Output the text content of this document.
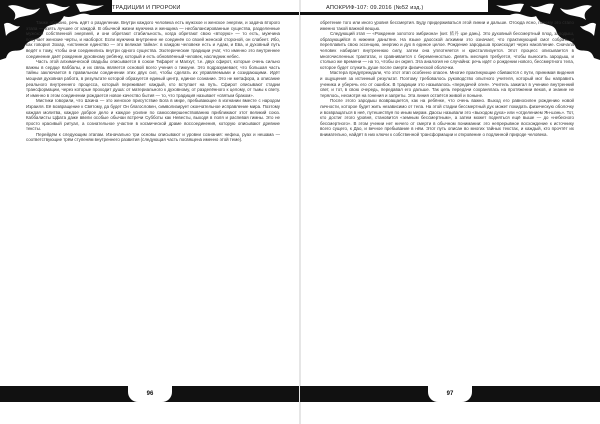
ТРАДИЦИИ И ПРОРОКИ

Также образно, речь идёт о разделении. Внутри каждого человека есть мужское и женское энергии, и задача второго этапа — взять лучшее от каждой. В обычной жизни мужчина и женщина — несбалансированные существа, разделенные мужской собственной энергией, и они обретают стабильность, когда обретают свою «вторую» — то есть, мужчина получает женские черты, и наоборот. Если мужчина внутренне не соединён со своей женской стороной, он слабеет. Ибо, как говорил Зохар, «истинное единство — это великая тайна»: в каждом человеке есть и Адам, и Ева, и духовный путь ведёт к тому, чтобы они соединились внутри одного существа. Эзотерические традиции учат, что именно это внутреннее соединение даёт рождение духовному ребёнку, который и есть обновлённый человек, наследник небес.

Часть этой алхимической свадьбы описывается в союзе Тифарет и Малхут, т.е. двух сфирот, которые очень сильно важны в сердце Каббалы, и их связь является основой всего учения о тиккуне. Это подразумевает, что большая часть тайны заключается в правильном соединении этих двух сил, чтобы сделать их управляемыми и созидающими. Идёт мощная духовная работа, в результате которой образуется единый центр, единое сознание. Это не метафора, а описание реального внутреннего процесса, который переживает каждый, кто вступает на путь. Сфирот описывают стадии трансформации, через которые проходит душа: от материального к духовному, от разделённого к целому, от тьмы к свету. И именно в этом соединении рождается новое качество бытия — то, что традиция называет «святым браком».

Мистики говорили, что Шхина — это женское присутствие Бога в мире, пребывающее в изгнании вместе с народом Израиля. Её возвращение к Святому, да будет Он благословен, символизирует окончательное исправление мира. Поэтому каждая молитва, каждое доброе дело и каждое усилие по самосовершенствованию приближают этот великий союз. Каббалисты Цфата даже ввели особые обычаи встречи Субботы как Невесты, выходя в поля и распевая гимны. Это не просто красивый ритуал, а сознательное участие в космической драме воссоединения, которую описывают древние тексты.

Перейдём к следующим этапам. Изначально три основы описывают и уровни сознания: нефеш, руах и нешама — соответствующие трём ступеням внутреннего развития (следующая часть посвящена именно этой теме).

96
АПОКРИФ-107: 09.2016 (№52 изд.)

обретение того или иного уровня бессмертия. Буду придерживаться этой линии и дальше. Отсюда ясно, почему это стало именно такой важной вещью.

Следующий этап — «Рождение золотого эмбриона» (кит. 結丹 цзе дань). Это духовный бессмертный плод, зародыш, образующийся в нижнем даньтяне. На языке даосской алхимии это означает, что практикующий смог собрать и переплавить свою эссенцию, энергию и дух в единое целое. Рождение зародыша происходит через накопление. Сначала человек набирает внутреннюю силу, затем она уплотняется и кристаллизуется. Этот процесс описывается в многочисленных трактатах, и сравнивается с беременностью. Девять месяцев требуется, чтобы выносить зародыш, и столько же времени — на то, чтобы он окреп. Эта аналогия не случайна: речь идёт о рождении нового, бессмертного тела, которое будет служить душе после смерти физической оболочки.

Мастера предупреждали, что этот этап особенно опасен. Многие практикующие сбиваются с пути, принимая видения и ощущения за истинный результат. Поэтому требовалось руководство опытного учителя, который мог бы направить ученика и уберечь его от ошибок. В традиции это называлось «передачей огня». Учитель зажигал в ученике внутренний свет, и тот, в свою очередь, передавал его дальше. Так цепь передачи сохранялась на протяжении веков, и знание не терялось, несмотря на гонения и запреты. Эта линия остаётся живой и поныне.

После этого зародыш возвращается, как на ребёнке, что очень важно. Выход его равносилен рождению новой личности, которое будет жить независимо от тела. На этой стадии бессмертный дух может покидать физическую оболочку и возвращаться в неё, путешествуя по иным мирам. Даосы называли это «выходом духа» или «отделением Ян-шэнь». Тот, кто достиг этого уровня, становится «земным бессмертным», а затем может подняться ещё выше — до «небесного бессмертного». В этом учении нет ничего от смерти в обычном понимании: это непрерывное восхождение к источнику всего сущего, к Дао, и вечное пребывание в нём. Этот путь описан во многих тайных текстах, и каждый, кто прочтёт их внимательно, найдёт в них ключи к собственной трансформации и откровение о подлинной природе человека.

97
